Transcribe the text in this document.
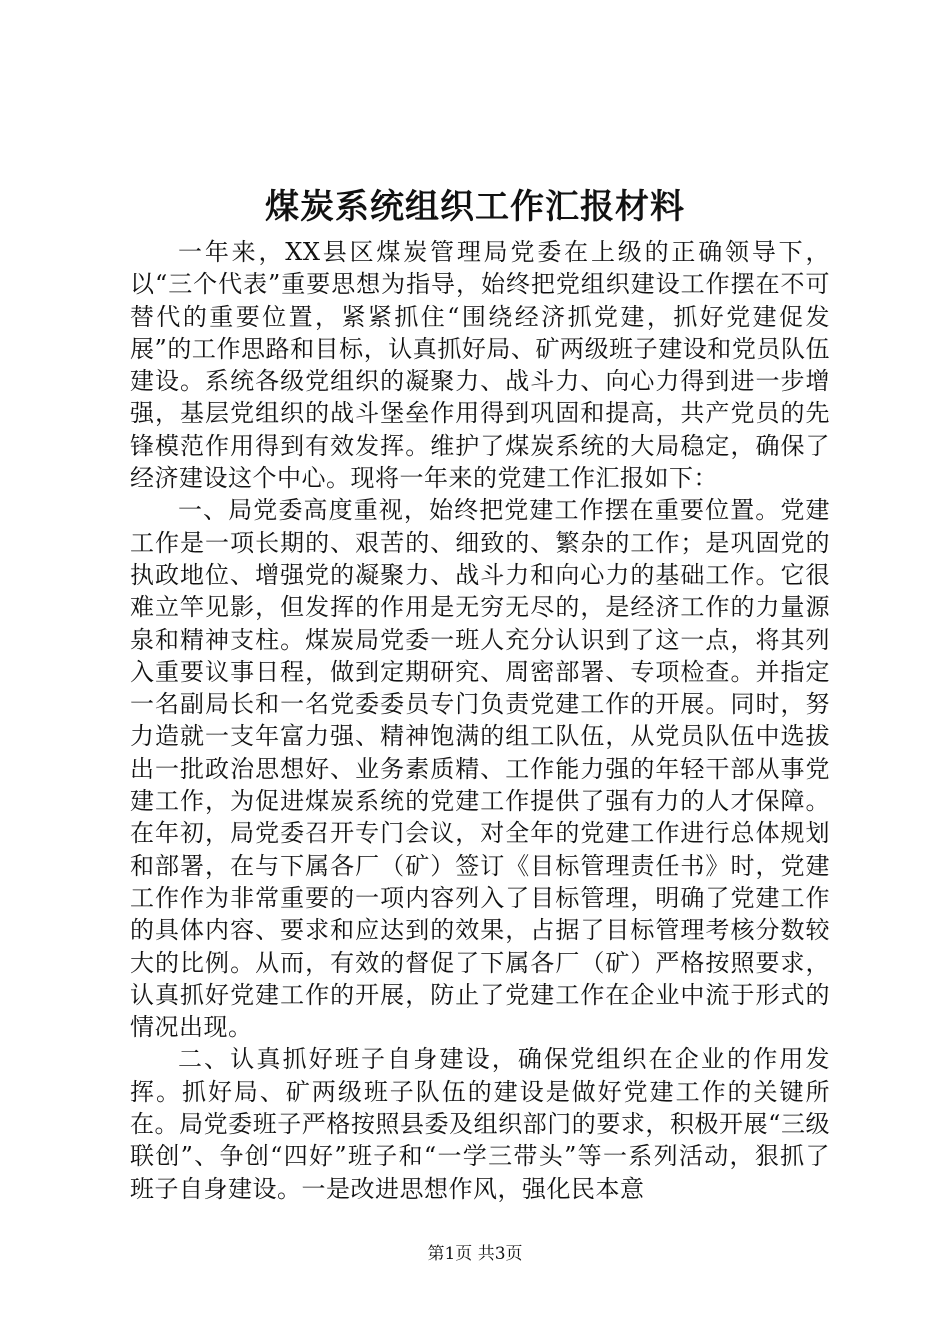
煤炭系统组织工作汇报材料

一年来，XX县区煤炭管理局党委在上级的正确领导下，以“三个代表”重要思想为指导，始终把党组织建设工作摆在不可替代的重要位置，紧紧抓住“围绕经济抓党建，抓好党建促发展”的工作思路和目标，认真抓好局、矿两级班子建设和党员队伍建设。系统各级党组织的凝聚力、战斗力、向心力得到进一步增强，基层党组织的战斗堡垒作用得到巩固和提高，共产党员的先锋模范作用得到有效发挥。维护了煤炭系统的大局稳定，确保了经济建设这个中心。现将一年来的党建工作汇报如下：

一、局党委高度重视，始终把党建工作摆在重要位置。党建工作是一项长期的、艰苦的、细致的、繁杂的工作；是巩固党的执政地位、增强党的凝聚力、战斗力和向心力的基础工作。它很难立竿见影，但发挥的作用是无穷无尽的，是经济工作的力量源泉和精神支柱。煤炭局党委一班人充分认识到了这一点，将其列入重要议事日程，做到定期研究、周密部署、专项检查。并指定一名副局长和一名党委委员专门负责党建工作的开展。同时，努力造就一支年富力强、精神饱满的组工队伍，从党员队伍中选拔出一批政治思想好、业务素质精、工作能力强的年轻干部从事党建工作，为促进煤炭系统的党建工作提供了强有力的人才保障。在年初，局党委召开专门会议，对全年的党建工作进行总体规划和部署，在与下属各厂（矿）签订《目标管理责任书》时，党建工作作为非常重要的一项内容列入了目标管理，明确了党建工作的具体内容、要求和应达到的效果，占据了目标管理考核分数较大的比例。从而，有效的督促了下属各厂（矿）严格按照要求，认真抓好党建工作的开展，防止了党建工作在企业中流于形式的情况出现。

二、认真抓好班子自身建设，确保党组织在企业的作用发挥。抓好局、矿两级班子队伍的建设是做好党建工作的关键所在。局党委班子严格按照县委及组织部门的要求，积极开展“三级联创”、争创“四好”班子和“一学三带头”等一系列活动，狠抓了班子自身建设。一是改进思想作风，强化民本意

第1页 共3页
